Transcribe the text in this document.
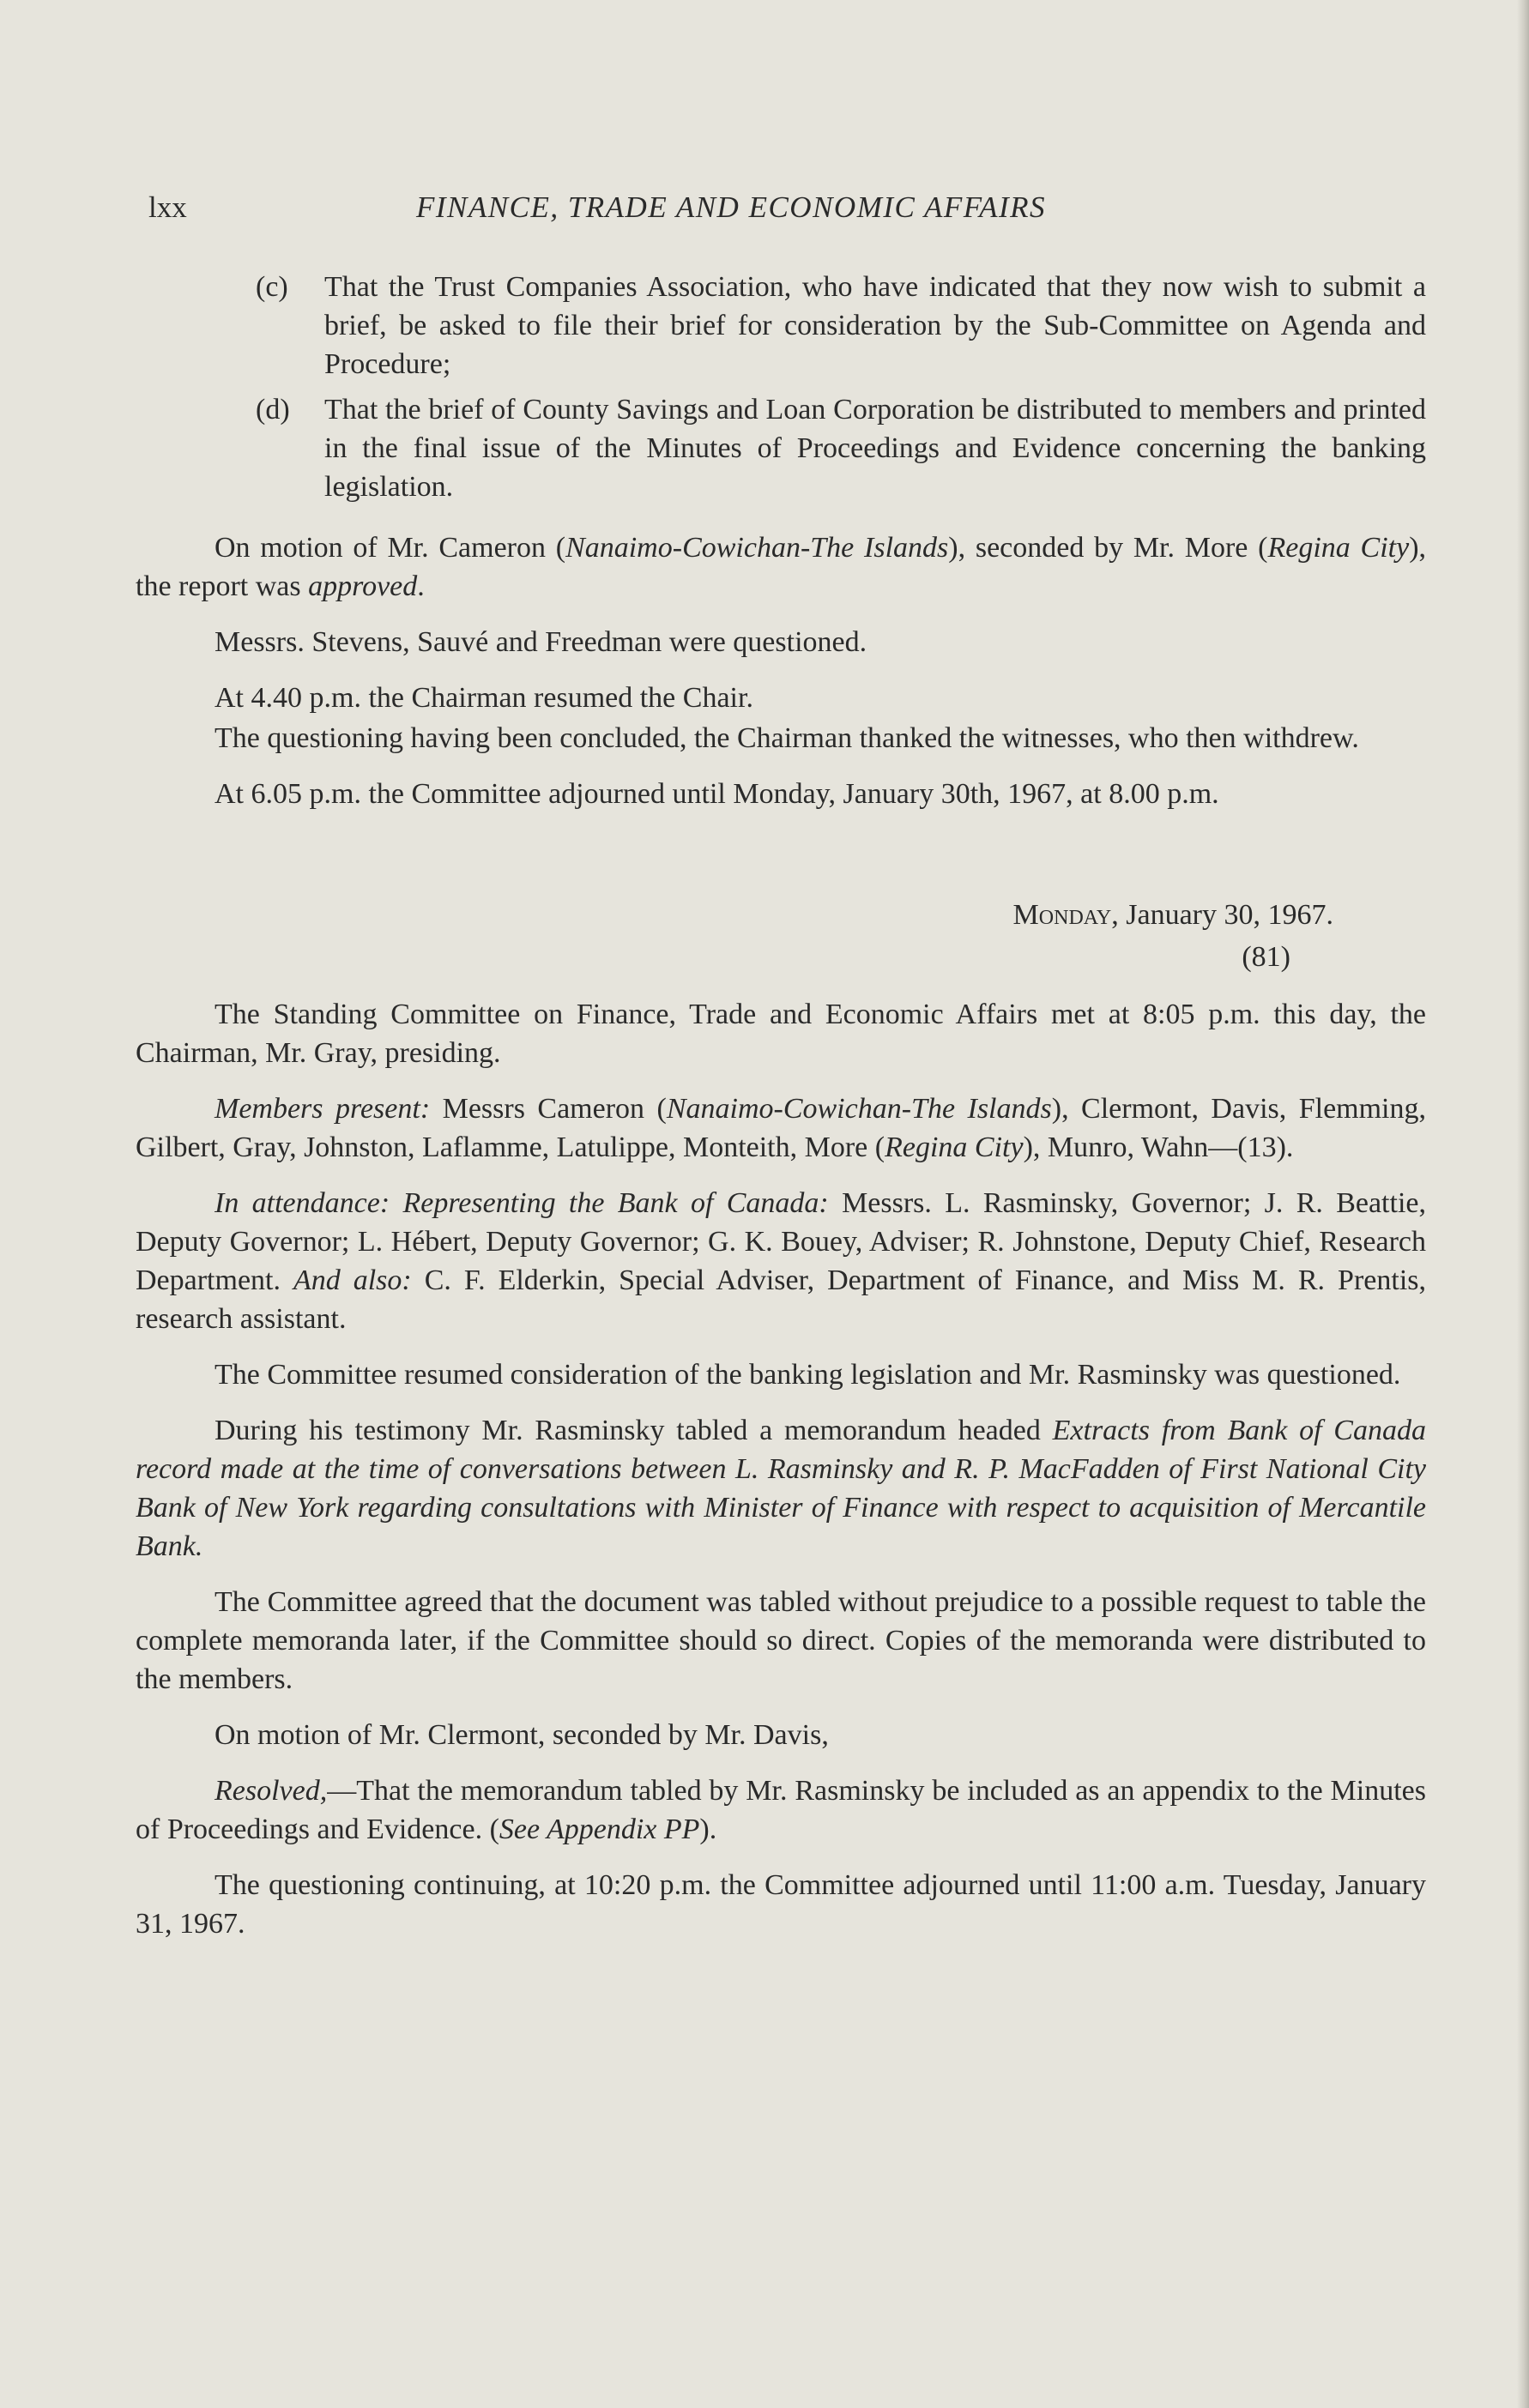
lxx	FINANCE, TRADE AND ECONOMIC AFFAIRS

(c) That the Trust Companies Association, who have indicated that they now wish to submit a brief, be asked to file their brief for consideration by the Sub-Committee on Agenda and Procedure;

(d) That the brief of County Savings and Loan Corporation be distributed to members and printed in the final issue of the Minutes of Proceedings and Evidence concerning the banking legislation.

On motion of Mr. Cameron (Nanaimo-Cowichan-The Islands), seconded by Mr. More (Regina City), the report was approved.

Messrs. Stevens, Sauvé and Freedman were questioned.

At 4.40 p.m. the Chairman resumed the Chair.

The questioning having been concluded, the Chairman thanked the witnesses, who then withdrew.

At 6.05 p.m. the Committee adjourned until Monday, January 30th, 1967, at 8.00 p.m.

Monday, January 30, 1967.

(81)

The Standing Committee on Finance, Trade and Economic Affairs met at 8:05 p.m. this day, the Chairman, Mr. Gray, presiding.

Members present: Messrs Cameron (Nanaimo-Cowichan-The Islands), Clermont, Davis, Flemming, Gilbert, Gray, Johnston, Laflamme, Latulippe, Monteith, More (Regina City), Munro, Wahn—(13).

In attendance: Representing the Bank of Canada: Messrs. L. Rasminsky, Governor; J. R. Beattie, Deputy Governor; L. Hébert, Deputy Governor; G. K. Bouey, Adviser; R. Johnstone, Deputy Chief, Research Department. And also: C. F. Elderkin, Special Adviser, Department of Finance, and Miss M. R. Prentis, research assistant.

The Committee resumed consideration of the banking legislation and Mr. Rasminsky was questioned.

During his testimony Mr. Rasminsky tabled a memorandum headed Extracts from Bank of Canada record made at the time of conversations between L. Rasminsky and R. P. MacFadden of First National City Bank of New York regarding consultations with Minister of Finance with respect to acquisition of Mercantile Bank.

The Committee agreed that the document was tabled without prejudice to a possible request to table the complete memoranda later, if the Committee should so direct. Copies of the memoranda were distributed to the members.

On motion of Mr. Clermont, seconded by Mr. Davis,

Resolved,—That the memorandum tabled by Mr. Rasminsky be included as an appendix to the Minutes of Proceedings and Evidence. (See Appendix PP).

The questioning continuing, at 10:20 p.m. the Committee adjourned until 11:00 a.m. Tuesday, January 31, 1967.
